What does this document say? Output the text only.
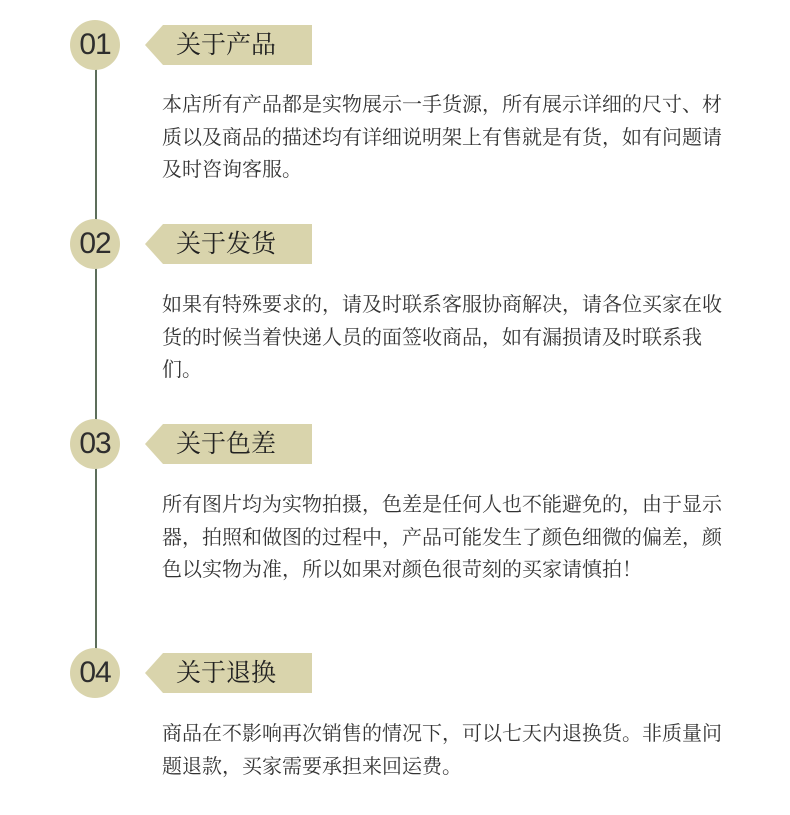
01	关于产品
本店所有产品都是实物展示一手货源，所有展示详细的尺寸、材质以及商品的描述均有详细说明架上有售就是有货，如有问题请及时咨询客服。
02	关于发货
如果有特殊要求的，请及时联系客服协商解决，请各位买家在收货的时候当着快递人员的面签收商品，如有漏损请及时联系我们。
03	关于色差
所有图片均为实物拍摄，色差是任何人也不能避免的，由于显示器，拍照和做图的过程中，产品可能发生了颜色细微的偏差，颜色以实物为准，所以如果对颜色很苛刻的买家请慎拍！
04	关于退换
商品在不影响再次销售的情况下，可以七天内退换货。非质量问题退款，买家需要承担来回运费。
